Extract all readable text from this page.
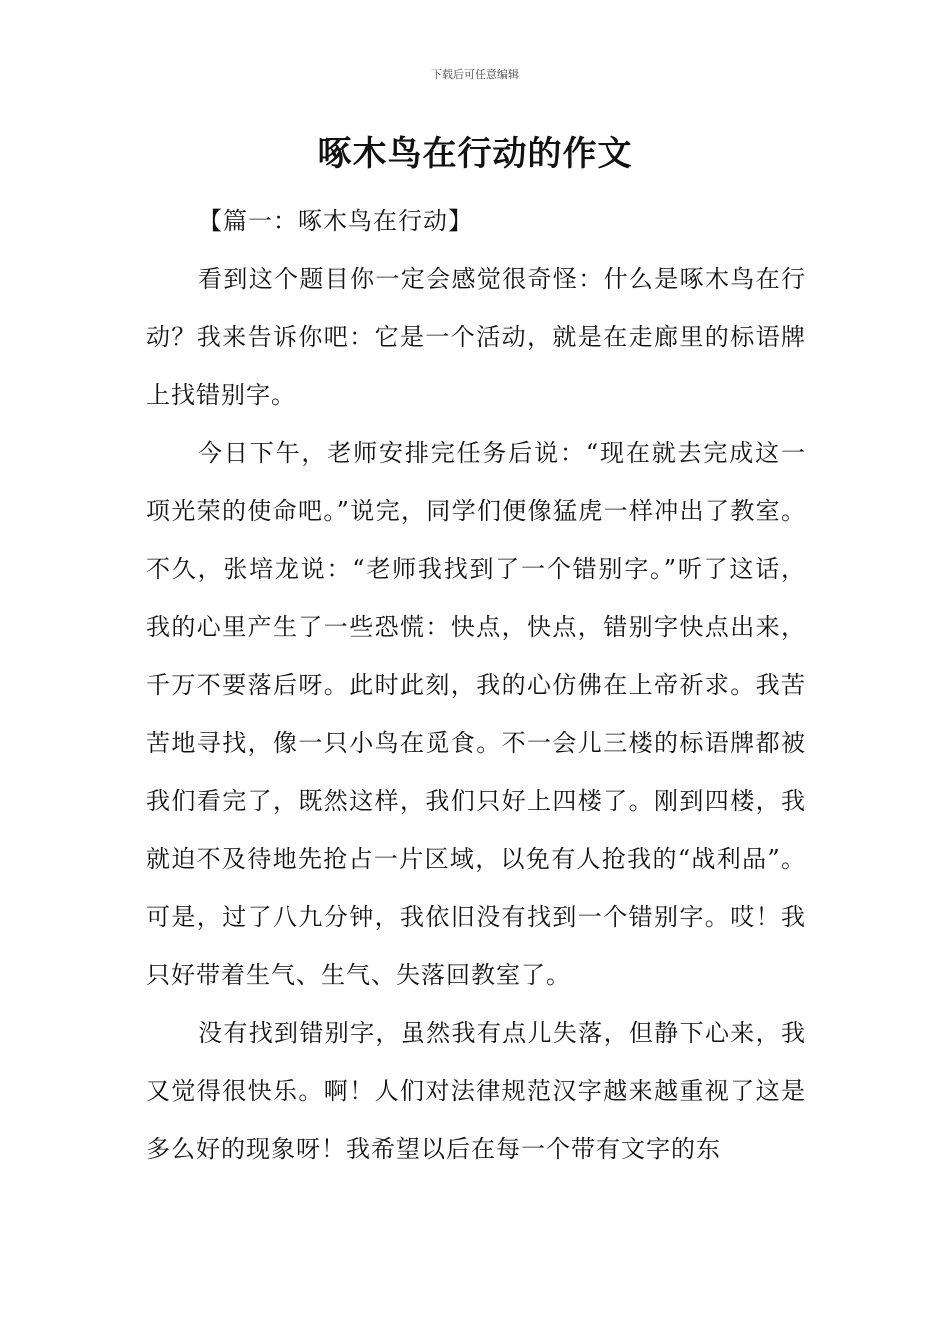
下载后可任意编辑
啄木鸟在行动的作文

【篇一：啄木鸟在行动】

看到这个题目你一定会感觉很奇怪：什么是啄木鸟在行动？我来告诉你吧：它是一个活动，就是在走廊里的标语牌上找错别字。

今日下午，老师安排完任务后说：“现在就去完成这一项光荣的使命吧。”说完，同学们便像猛虎一样冲出了教室。不久，张培龙说：“老师我找到了一个错别字。”听了这话，我的心里产生了一些恐慌：快点，快点，错别字快点出来，千万不要落后呀。此时此刻，我的心仿佛在上帝祈求。我苦苦地寻找，像一只小鸟在觅食。不一会儿三楼的标语牌都被我们看完了，既然这样，我们只好上四楼了。刚到四楼，我就迫不及待地先抢占一片区域，以免有人抢我的“战利品”。可是，过了八九分钟，我依旧没有找到一个错别字。哎！我只好带着生气、生气、失落回教室了。

没有找到错别字，虽然我有点儿失落，但静下心来，我又觉得很快乐。啊！人们对法律规范汉字越来越重视了这是多么好的现象呀！我希望以后在每一个带有文字的东
